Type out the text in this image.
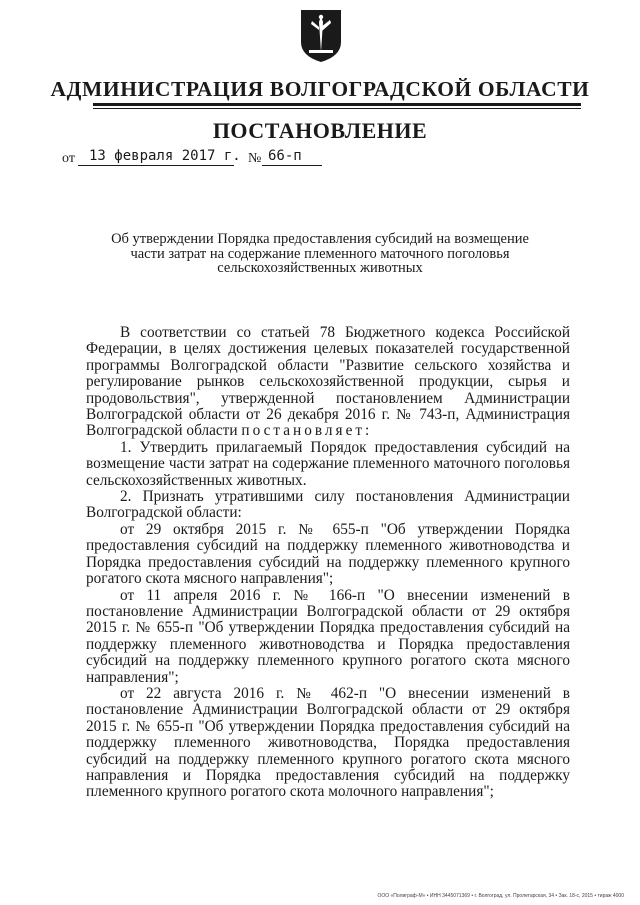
АДМИНИСТРАЦИЯ ВОЛГОГРАДСКОЙ ОБЛАСТИ
ПОСТАНОВЛЕНИЕ
от 13 февраля 2017 г. № 66-п
Об утверждении Порядка предоставления субсидий на возмещение
части затрат на содержание племенного маточного поголовья
сельскохозяйственных животных

В соответствии со статьей 78 Бюджетного кодекса Российской Федерации, в целях достижения целевых показателей государственной программы Волгоградской области "Развитие сельского хозяйства и регулирование рынков сельскохозяйственной продукции, сырья и продовольствия", утвержденной постановлением Администрации Волгоградской области от 26 декабря 2016 г. № 743-п, Администрация Волгоградской области постановляет:

1. Утвердить прилагаемый Порядок предоставления субсидий на возмещение части затрат на содержание племенного маточного поголовья сельскохозяйственных животных.

2. Признать утратившими силу постановления Администрации Волгоградской области:

от 29 октября 2015 г. № 655-п "Об утверждении Порядка предоставления субсидий на поддержку племенного животноводства и Порядка предоставления субсидий на поддержку племенного крупного рогатого скота мясного направления";

от 11 апреля 2016 г. № 166-п "О внесении изменений в постановление Администрации Волгоградской области от 29 октября 2015 г. № 655-п "Об утверждении Порядка предоставления субсидий на поддержку племенного животноводства и Порядка предоставления субсидий на поддержку племенного крупного рогатого скота мясного направления";

от 22 августа 2016 г. № 462-п "О внесении изменений в постановление Администрации Волгоградской области от 29 октября 2015 г. № 655-п "Об утверждении Порядка предоставления субсидий на поддержку племенного животноводства, Порядка предоставления субсидий на поддержку племенного крупного рогатого скота мясного направления и Порядка предоставления субсидий на поддержку племенного крупного рогатого скота молочного направления";

ООО «Полиграф-М» • ИНН 3445071369 • г. Волгоград, ул. Пролетарская, 34 • Зак. 18-с, 2015 • тираж 4000
